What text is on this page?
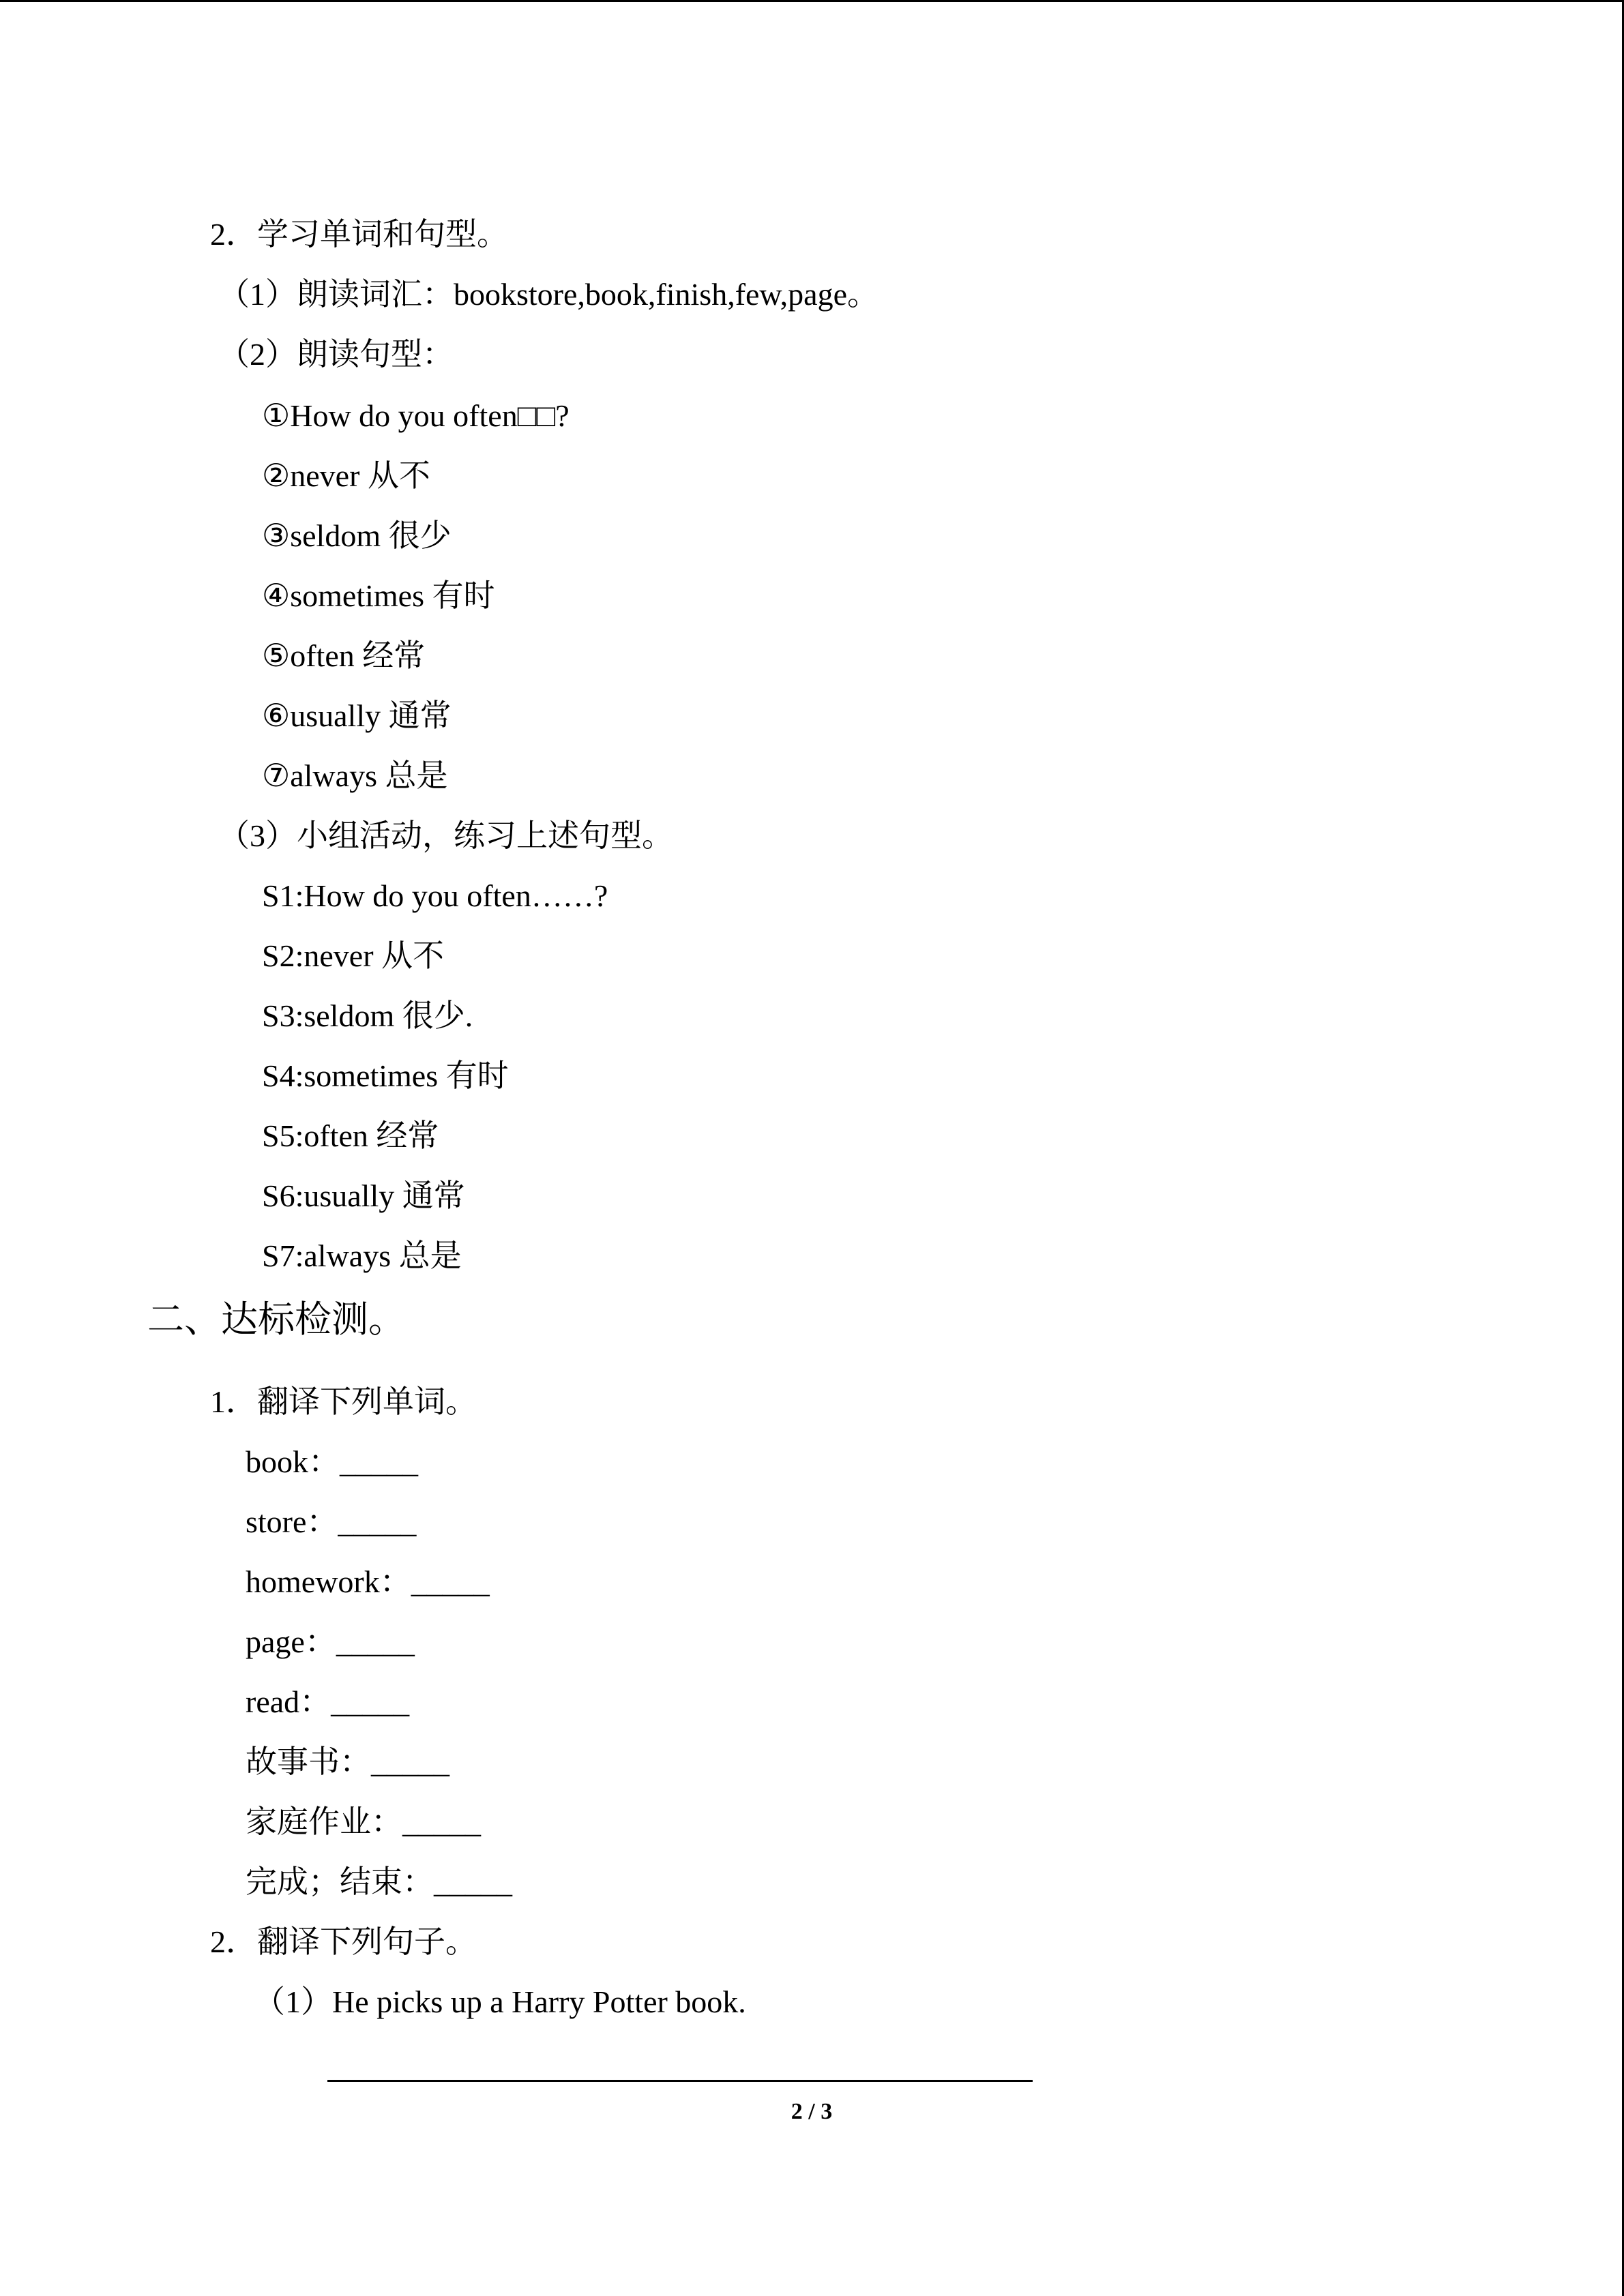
2．学习单词和句型。
（1）朗读词汇：bookstore,book,finish,few,page。
（2）朗读句型：
①How do you often□□?
②never 从不
③seldom 很少
④sometimes 有时
⑤often 经常
⑥usually 通常
⑦always 总是
（3）小组活动，练习上述句型。
S1:How do you often……?
S2:never 从不
S3:seldom 很少.
S4:sometimes 有时
S5:often 经常
S6:usually 通常
S7:always 总是
二、达标检测。
1．翻译下列单词。
book：_____
store：_____
homework：_____
page：_____
read：_____
故事书：_____
家庭作业：_____
完成；结束：_____
2．翻译下列句子。
（1）He picks up a Harry Potter book.
2 / 3
